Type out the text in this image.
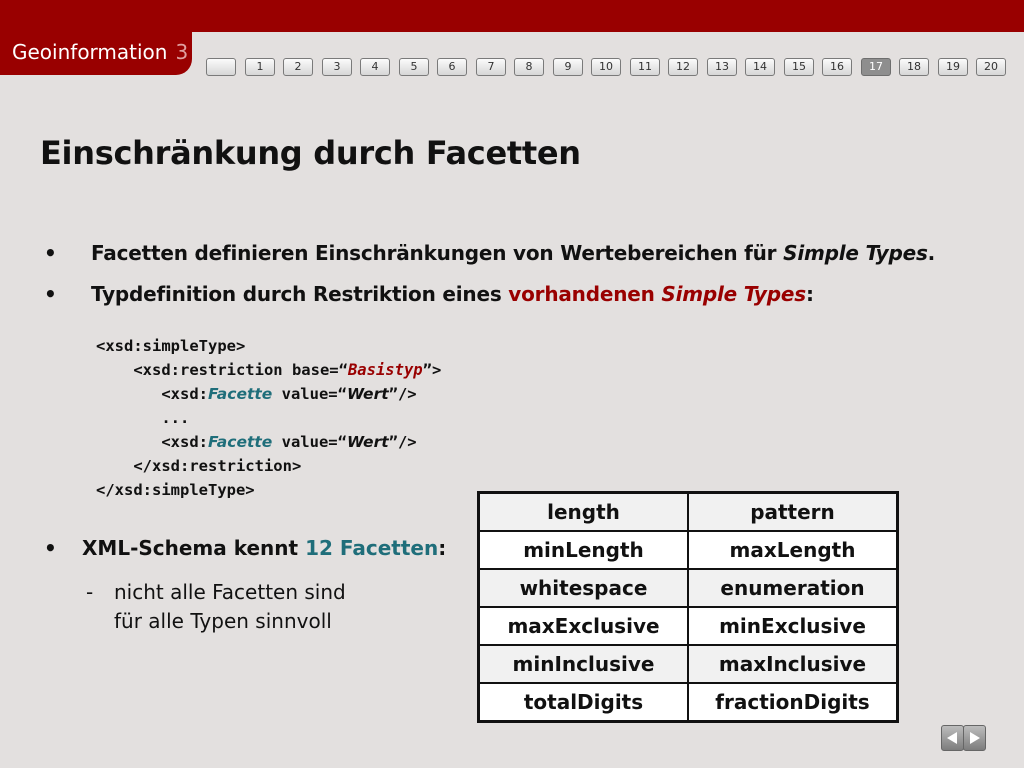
Geoinformation 3
1	2	3	4	5	6	7	8	9	10	11	12	13	14	15	16	17	18	19	20
Einschränkung durch Facetten
• Facetten definieren Einschränkungen von Wertebereichen für Simple Types.
• Typdefinition durch Restriktion eines vorhandenen Simple Types:
<xsd:simpleType>
<xsd:restriction base=“Basistyp”>
<xsd:Facette value=“Wert”/>
...
<xsd:Facette value=“Wert”/>
</xsd:restriction>
</xsd:simpleType>
• XML-Schema kennt 12 Facetten:
- nicht alle Facetten sind
für alle Typen sinnvoll
length	pattern
minLength	maxLength
whitespace	enumeration
maxExclusive	minExclusive
minInclusive	maxInclusive
totalDigits	fractionDigits
